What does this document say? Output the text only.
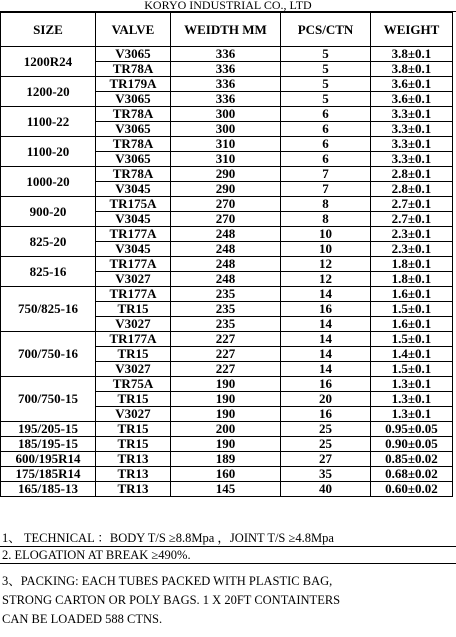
KORYO INDUSTRIAL CO., LTD
SIZE	VALVE	WEIDTH MM	PCS/CTN	WEIGHT
1200R24	V3065	336	5	3.8±0.1
	TR78A	336	5	3.8±0.1
1200-20	TR179A	336	5	3.6±0.1
	V3065	336	5	3.6±0.1
1100-22	TR78A	300	6	3.3±0.1
	V3065	300	6	3.3±0.1
1100-20	TR78A	310	6	3.3±0.1
	V3065	310	6	3.3±0.1
1000-20	TR78A	290	7	2.8±0.1
	V3045	290	7	2.8±0.1
900-20	TR175A	270	8	2.7±0.1
	V3045	270	8	2.7±0.1
825-20	TR177A	248	10	2.3±0.1
	V3045	248	10	2.3±0.1
825-16	TR177A	248	12	1.8±0.1
	V3027	248	12	1.8±0.1
750/825-16	TR177A	235	14	1.6±0.1
	TR15	235	16	1.5±0.1
	V3027	235	14	1.6±0.1
700/750-16	TR177A	227	14	1.5±0.1
	TR15	227	14	1.4±0.1
	V3027	227	14	1.5±0.1
700/750-15	TR75A	190	16	1.3±0.1
	TR15	190	20	1.3±0.1
	V3027	190	16	1.3±0.1
195/205-15	TR15	200	25	0.95±0.05
185/195-15	TR15	190	25	0.90±0.05
600/195R14	TR13	189	27	0.85±0.02
175/185R14	TR13	160	35	0.68±0.02
165/185-13	TR13	145	40	0.60±0.02
1、 TECHNICAL ：BODY T/S ≥8.8Mpa ，JOINT T/S ≥4.8Mpa
2. ELOGATION AT BREAK ≥490%.
3、PACKING: EACH TUBES PACKED WITH PLASTIC BAG,
STRONG CARTON OR POLY BAGS. 1 X 20FT CONTAINTERS
CAN BE LOADED 588 CTNS.
